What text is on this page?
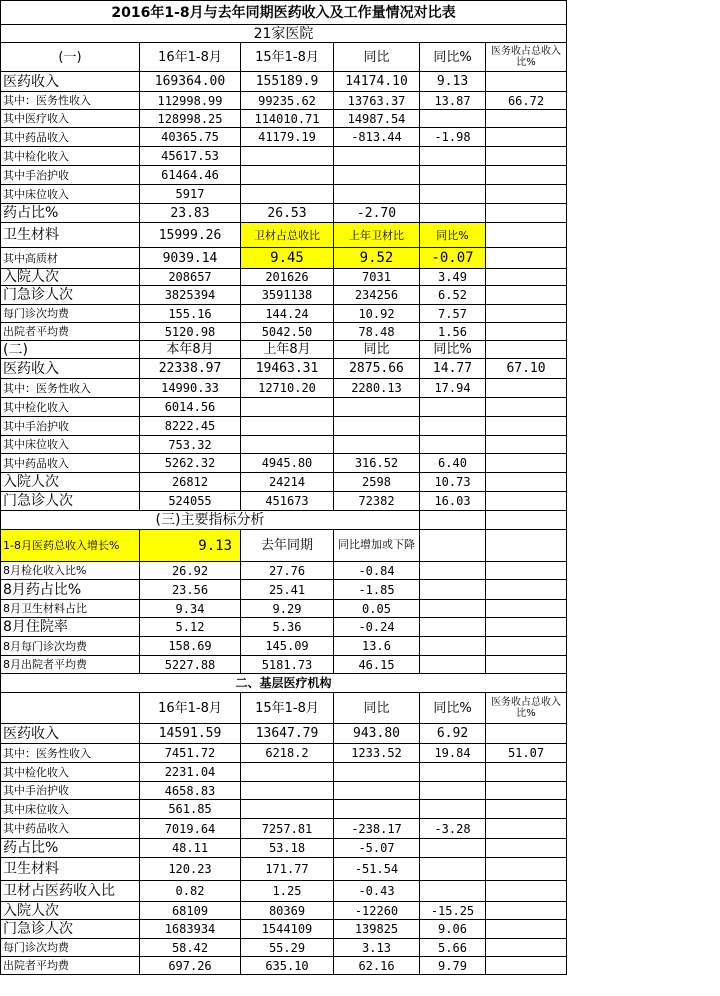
2016年1-8月与去年同期医药收入及工作量情况对比表					
21家医院					
(一)	16年1-8月	15年1-8月	同比	同比%	医务收占总收入比%
医药收入	169364.00	155189.9	14174.10	9.13	
其中：医务性收入	112998.99	99235.62	13763.37	13.87	66.72
其中医疗收入	128998.25	114010.71	14987.54		
其中药品收入	40365.75	41179.19	-813.44	-1.98	
其中检化收入	45617.53				
其中手治护收	61464.46				
其中床位收入	5917				
药占比%	23.83	26.53	-2.70		
卫生材料	15999.26	卫材占总收比	上年卫材比	同比%	
其中高质材	9039.14	9.45	9.52	-0.07	
入院人次	208657	201626	7031	3.49	
门急诊人次	3825394	3591138	234256	6.52	
每门诊次均费	155.16	144.24	10.92	7.57	
出院者平均费	5120.98	5042.50	78.48	1.56	
(二)	本年8月	上年8月	同比	同比%	
医药收入	22338.97	19463.31	2875.66	14.77	67.10
其中：医务性收入	14990.33	12710.20	2280.13	17.94	
其中检化收入	6014.56				
其中手治护收	8222.45				
其中床位收入	753.32				
其中药品收入	5262.32	4945.80	316.52	6.40	
入院人次	26812	24214	2598	10.73	
门急诊人次	524055	451673	72382	16.03	
(三)主要指标分析					
1-8月医药总收入增长%	9.13	去年同期	同比增加或下降		
8月检化收入比%	26.92	27.76	-0.84		
8月药占比%	23.56	25.41	-1.85		
8月卫生材料占比	9.34	9.29	0.05		
8月住院率	5.12	5.36	-0.24		
8月每门诊次均费	158.69	145.09	13.6		
8月出院者平均费	5227.88	5181.73	46.15		
二、基层医疗机构					
	16年1-8月	15年1-8月	同比	同比%	医务收占总收入比%
医药收入	14591.59	13647.79	943.80	6.92	
其中：医务性收入	7451.72	6218.2	1233.52	19.84	51.07
其中检化收入	2231.04				
其中手治护收	4658.83				
其中床位收入	561.85				
其中药品收入	7019.64	7257.81	-238.17	-3.28	
药占比%	48.11	53.18	-5.07		
卫生材料	120.23	171.77	-51.54		
卫材占医药收入比	0.82	1.25	-0.43		
入院人次	68109	80369	-12260	-15.25	
门急诊人次	1683934	1544109	139825	9.06	
每门诊次均费	58.42	55.29	3.13	5.66	
出院者平均费	697.26	635.10	62.16	9.79	
